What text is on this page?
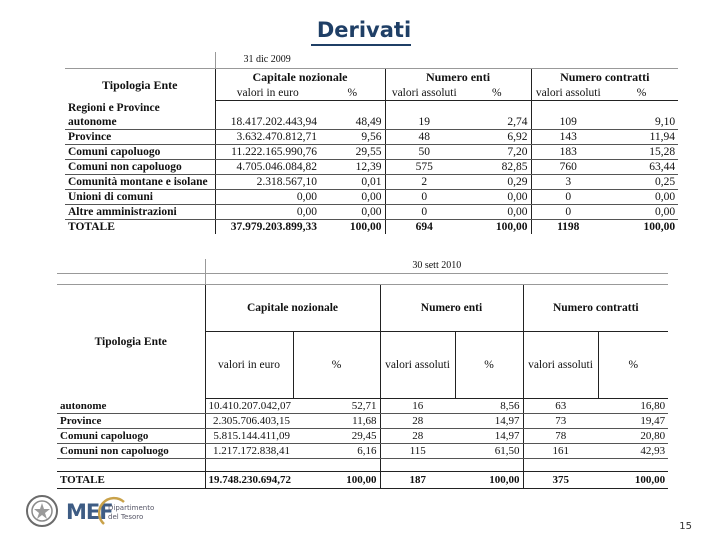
Derivati
	31 dic 2009					
Tipologia Ente	Capitale nozionale		Numero enti		Numero contratti	
	valori in euro	%	valori assoluti	%	valori assoluti	%
Regioni e Province						
autonome	18.417.202.443,94	48,49	19	2,74	109	9,10
Province	3.632.470.812,71	9,56	48	6,92	143	11,94
Comuni capoluogo	11.222.165.990,76	29,55	50	7,20	183	15,28
Comuni non capoluogo	4.705.046.084,82	12,39	575	82,85	760	63,44
Comunità montane e isolane	2.318.567,10	0,01	2	0,29	3	0,25
Unioni di comuni	0,00	0,00	0	0,00	0	0,00
Altre amministrazioni	0,00	0,00	0	0,00	0	0,00
TOTALE	37.979.203.899,33	100,00	694	100,00	1198	100,00
	30 sett 2010					

Tipologia Ente	Capitale nozionale		Numero enti		Numero contratti	
	valori in euro	%	valori assoluti	%	valori assoluti	%
autonome	10.410.207.042,07	52,71	16	8,56	63	16,80
Province	2.305.706.403,15	11,68	28	14,97	73	19,47
Comuni capoluogo	5.815.144.411,09	29,45	28	14,97	78	20,80
Comuni non capoluogo	1.217.172.838,41	6,16	115	61,50	161	42,93

TOTALE	19.748.230.694,72	100,00	187	100,00	375	100,00
MEF
Dipartimento
del Tesoro
15
